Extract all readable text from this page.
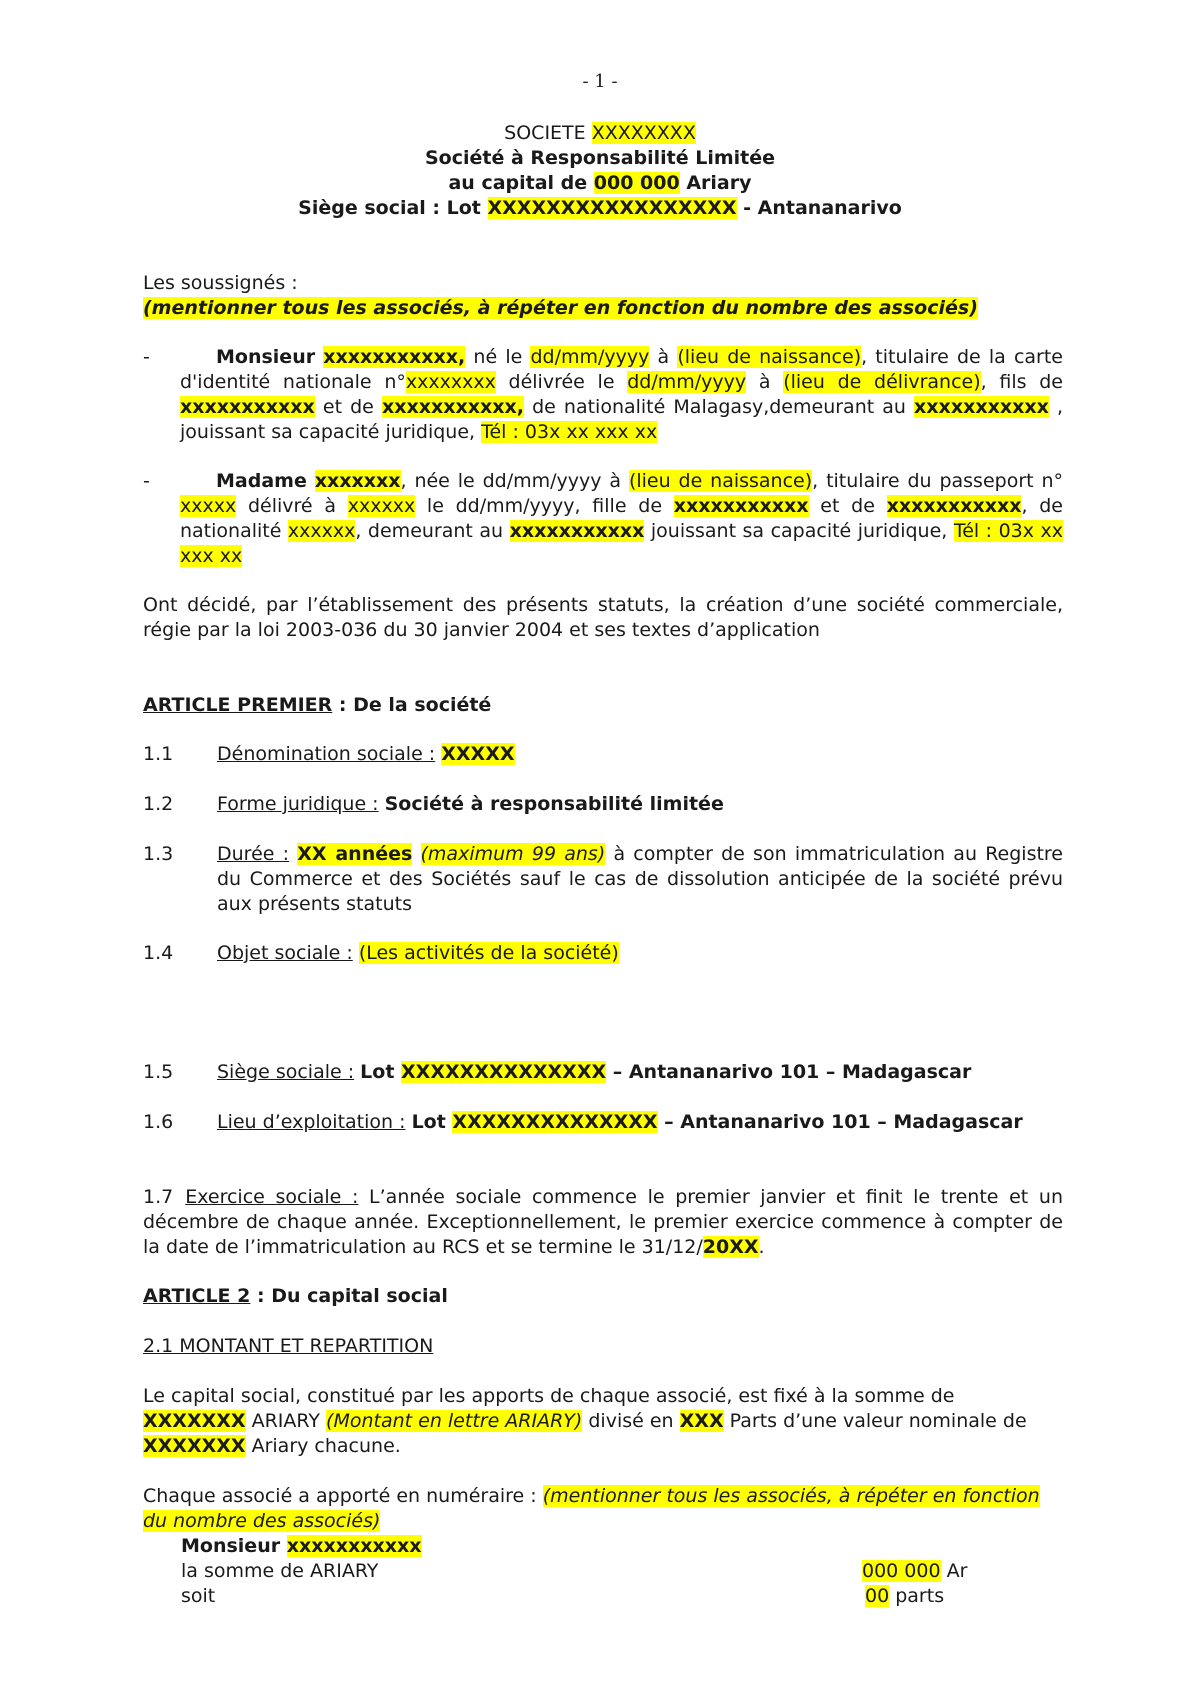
- 1 -
SOCIETE XXXXXXXX
Société à Responsabilité Limitée
au capital de 000 000 Ariary
Siège social : Lot XXXXXXXXXXXXXXXXX - Antananarivo
Les soussignés :
(mentionner tous les associés, à répéter en fonction du nombre des associés)
-	Monsieur xxxxxxxxxxx, né le dd/mm/yyyy à (lieu de naissance), titulaire de la carte d'identité nationale n°xxxxxxxx délivrée le dd/mm/yyyy à (lieu de délivrance), fils de xxxxxxxxxxx et de xxxxxxxxxxx, de nationalité Malagasy,demeurant au xxxxxxxxxxx , jouissant sa capacité juridique, Tél : 03x xx xxx xx
-	Madame xxxxxxx, née le dd/mm/yyyy à (lieu de naissance), titulaire du passeport n° xxxxx délivré à xxxxxx le dd/mm/yyyy, fille de xxxxxxxxxxx et de xxxxxxxxxxx, de nationalité xxxxxx, demeurant au xxxxxxxxxxx jouissant sa capacité juridique, Tél : 03x xx xxx xx
Ont décidé, par l’établissement des présents statuts, la création d’une société commerciale, régie par la loi 2003-036 du 30 janvier 2004 et ses textes d’application
ARTICLE PREMIER : De la société
1.1 Dénomination sociale : XXXXX
1.2 Forme juridique : Société à responsabilité limitée
1.3 Durée : XX années (maximum 99 ans) à compter de son immatriculation au Registre du Commerce et des Sociétés sauf le cas de dissolution anticipée de la société prévu aux présents statuts
1.4 Objet sociale : (Les activités de la société)
1.5 Siège sociale : Lot XXXXXXXXXXXXXX – Antananarivo 101 – Madagascar
1.6 Lieu d’exploitation : Lot XXXXXXXXXXXXXX – Antananarivo 101 – Madagascar
1.7 Exercice sociale : L’année sociale commence le premier janvier et finit le trente et un décembre de chaque année. Exceptionnellement, le premier exercice commence à compter de la date de l’immatriculation au RCS et se termine le 31/12/20XX.
ARTICLE 2 : Du capital social
2.1 MONTANT ET REPARTITION
Le capital social, constitué par les apports de chaque associé, est fixé à la somme de XXXXXXX ARIARY (Montant en lettre ARIARY) divisé en XXX Parts d’une valeur nominale de XXXXXXX Ariary chacune.
Chaque associé a apporté en numéraire : (mentionner tous les associés, à répéter en fonction du nombre des associés)
Monsieur xxxxxxxxxxx
la somme de ARIARY	000 000 Ar
soit	00 parts
